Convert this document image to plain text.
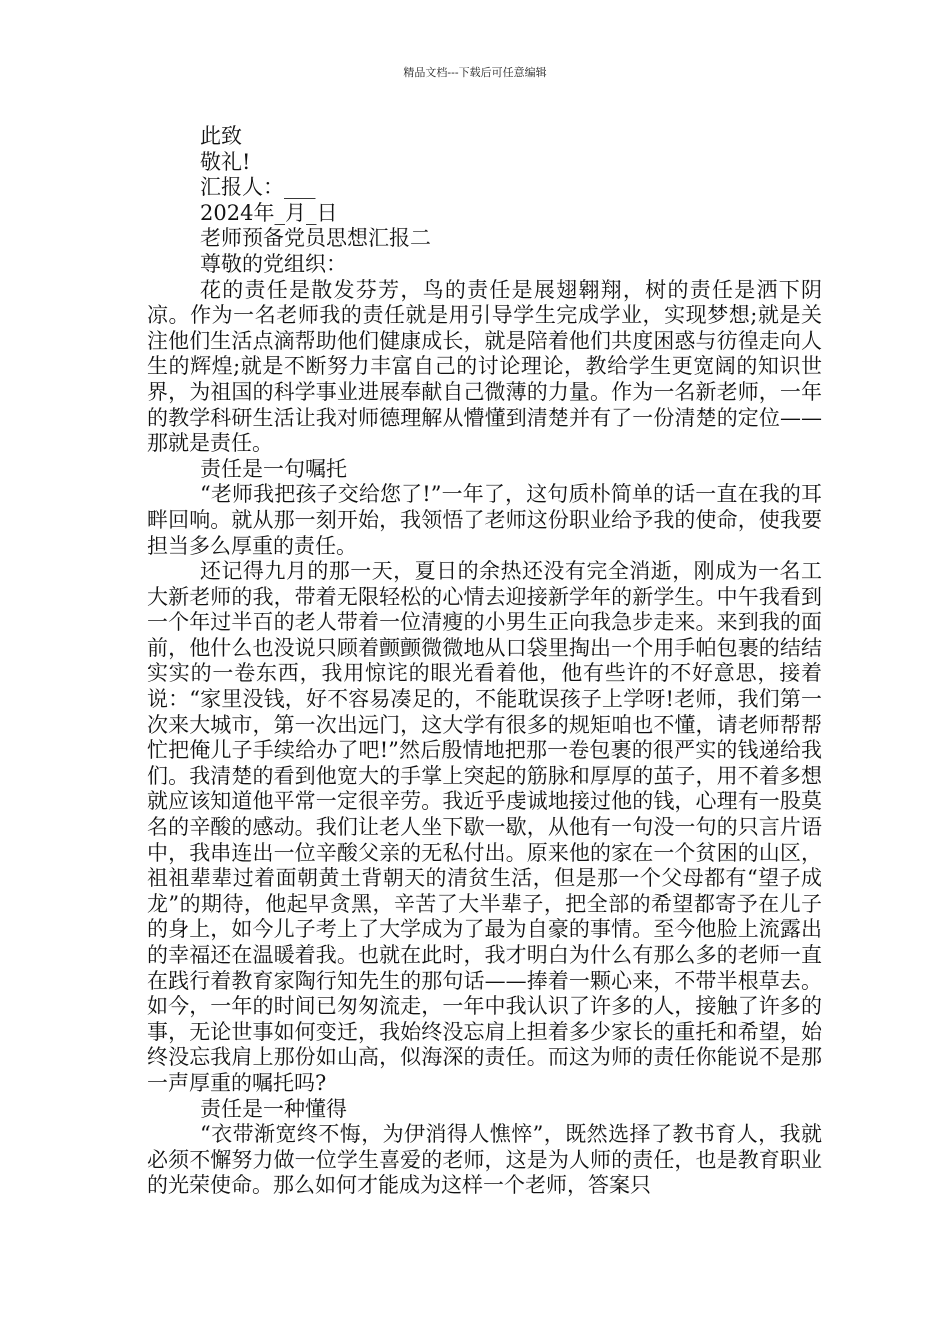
精品文档---下载后可任意编辑
此致
敬礼!
汇报人：___
2024年_月_日
老师预备党员思想汇报二
尊敬的党组织：
花的责任是散发芬芳，鸟的责任是展翅翱翔，树的责任是洒下阴凉。作为一名老师我的责任就是用引导学生完成学业，实现梦想;就是关注他们生活点滴帮助他们健康成长，就是陪着他们共度困惑与彷徨走向人生的辉煌;就是不断努力丰富自己的讨论理论，教给学生更宽阔的知识世界，为祖国的科学事业进展奉献自己微薄的力量。作为一名新老师，一年的教学科研生活让我对师德理解从懵懂到清楚并有了一份清楚的定位——那就是责任。
责任是一句嘱托
“老师我把孩子交给您了!”一年了，这句质朴简单的话一直在我的耳畔回响。就从那一刻开始，我领悟了老师这份职业给予我的使命，使我要担当多么厚重的责任。
还记得九月的那一天，夏日的余热还没有完全消逝，刚成为一名工大新老师的我，带着无限轻松的心情去迎接新学年的新学生。中午我看到一个年过半百的老人带着一位清瘦的小男生正向我急步走来。来到我的面前，他什么也没说只顾着颤颤微微地从口袋里掏出一个用手帕包裹的结结实实的一卷东西，我用惊诧的眼光看着他，他有些许的不好意思，接着说：“家里没钱，好不容易凑足的，不能耽误孩子上学呀!老师，我们第一次来大城市，第一次出远门，这大学有很多的规矩咱也不懂，请老师帮帮忙把俺儿子手续给办了吧!”然后殷情地把那一卷包裹的很严实的钱递给我们。我清楚的看到他宽大的手掌上突起的筋脉和厚厚的茧子，用不着多想就应该知道他平常一定很辛劳。我近乎虔诚地接过他的钱，心理有一股莫名的辛酸的感动。我们让老人坐下歇一歇，从他有一句没一句的只言片语中，我串连出一位辛酸父亲的无私付出。原来他的家在一个贫困的山区，祖祖辈辈过着面朝黄土背朝天的清贫生活，但是那一个父母都有“望子成龙”的期待，他起早贪黑，辛苦了大半辈子，把全部的希望都寄予在儿子的身上，如今儿子考上了大学成为了最为自豪的事情。至今他脸上流露出的幸福还在温暖着我。也就在此时，我才明白为什么有那么多的老师一直在践行着教育家陶行知先生的那句话——捧着一颗心来，不带半根草去。如今，一年的时间已匆匆流走，一年中我认识了许多的人，接触了许多的事，无论世事如何变迁，我始终没忘肩上担着多少家长的重托和希望，始终没忘我肩上那份如山高，似海深的责任。而这为师的责任你能说不是那一声厚重的嘱托吗?
责任是一种懂得
“衣带渐宽终不悔，为伊消得人憔悴”，既然选择了教书育人，我就必须不懈努力做一位学生喜爱的老师，这是为人师的责任，也是教育职业的光荣使命。那么如何才能成为这样一个老师，答案只
